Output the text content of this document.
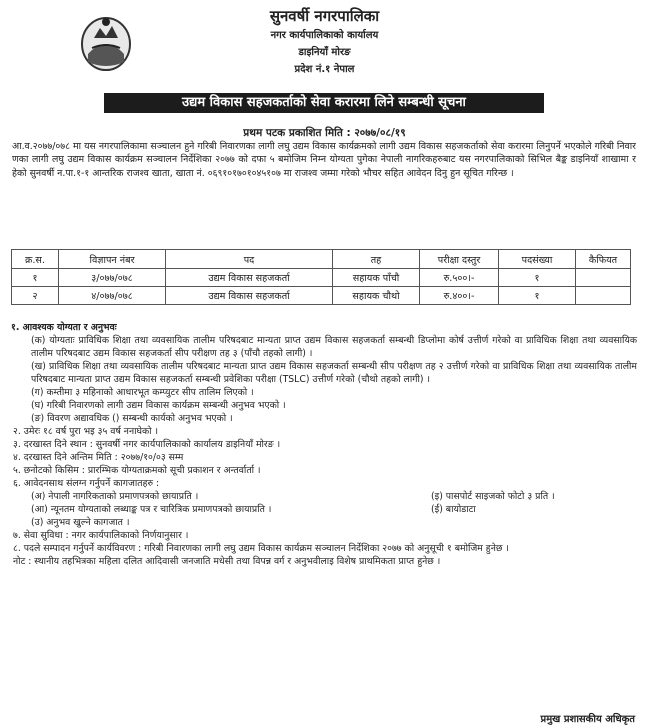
सुनवर्षी नगरपालिका
नगर कार्यपालिकाको कार्यालय
डाइनियाँ मोरङ
प्रदेश नं.१ नेपाल
उद्यम विकास सहजकर्ताको सेवा करारमा लिने सम्बन्धी सूचना
प्रथम पटक प्रकाशित मिति : २०७७/०८/१९
आ.व.२०७७/०७८ मा यस नगरपालिकामा सञ्चालन हुने गरिबी निवारणका लागी लघु उद्यम विकास कार्यक्रमको लागी उद्यम विकास सहजकर्ताको सेवा करारमा लिनुपर्ने भएकोले गरिबी निवारणका लागी लघु उद्यम विकास कार्यक्रम सञ्चालन निर्देशिका २०७७ को दफा ५ बमोजिम निम्न योग्यता पुगेका नेपाली नागरिकहरुबाट यस नगरपालिकाको सिभिल बैङ्क डाइनियाँ शाखामा रहेको सुनवर्षी न.पा.१-१ आन्तरिक राजश्व खाता, खाता नं. ०६९१०१७०१०४५१०७ मा राजश्व जम्मा गरेको भौचर सहित आवेदन दिनु हुन सूचित गरिन्छ ।
क्र.स.	विज्ञापन नंबर	पद	तह	परीक्षा दस्तुर	पदसंख्या	कैफियत
१	३/०७७/०७८	उद्यम विकास सहजकर्ता	सहायक पाँचौ	रु.५००।-	१	
२	४/०७७/०७८	उद्यम विकास सहजकर्ता	सहायक चौथो	रु.४००।-	१	
१. आवश्यक योग्यता र अनुभवः
(क) योग्यताः प्राविधिक शिक्षा तथा व्यवसायिक तालीम परिषदबाट मान्यता प्राप्त उद्यम विकास सहजकर्ता सम्बन्धी डिप्लोमा कोर्ष उत्तीर्ण गरेको वा प्राविधिक शिक्षा तथा व्यवसायिक तालीम परिषदबाट उद्यम विकास सहजकर्ता सीप परीक्षण तह ३ (पाँचौ तहको लागी) ।
(ख) प्राविधिक शिक्षा तथा व्यवसायिक तालीम परिषदबाट मान्यता प्राप्त उद्यम विकास सहजकर्ता सम्बन्धी सीप परीक्षण तह २ उत्तीर्ण गरेको वा प्राविधिक शिक्षा तथा व्यवसायिक तालीम परिषदबाट मान्यता प्राप्त उद्यम विकास सहजकर्ता सम्बन्धी प्रवेशिका परीक्षा (TSLC) उत्तीर्ण गरेको (चौथो तहको लागी) ।
(ग) कम्तीमा ३ महिनाको आधारभूत कम्प्युटर सीप तालिम लिएको ।
(घ) गरिबी निवारणको लागी उद्यम विकास कार्यक्रम सम्बन्धी अनुभव भएको ।
(ङ) विवरण अद्यावधिक () सम्बन्धी कार्यको अनुभव भएको ।
२. उमेरः १८ वर्ष पुरा भइ ३५ वर्ष ननाघेको ।
३. दरखास्त दिने स्थान : सुनवर्षी नगर कार्यपालिकाको कार्यालय डाइनियाँ मोरङ ।
४. दरखास्त दिने अन्तिम मिति : २०७७/१०/०३ सम्म
५. छनोटको किसिम : प्रारम्भिक योग्यताक्रमको सूची प्रकाशन र अन्तर्वार्ता ।
६. आवेदनसाथ संलग्न गर्नुपर्ने कागजातहरु :
(अ) नेपाली नागरिकताको प्रमाणपत्रको छायाप्रति ।	(इ) पासपोर्ट साइजको फोटो ३ प्रति ।
(आ) न्यूनतम योग्यताको लब्धाङ्क पत्र र चारित्रिक प्रमाणपत्रको छायाप्रति ।	(ई) बायोडाटा
(उ) अनुभव खुल्ने कागजात ।
७. सेवा सुविधा : नगर कार्यपालिकाको निर्णयानुसार ।
८. पदले सम्पादन गर्नुपर्ने कार्यविवरण : गरिबी निवारणका लागी लघु उद्यम विकास कार्यक्रम सञ्चालन निर्देशिका २०७७ को अनुसूची १ बमोजिम हुनेछ ।
नोट : स्थानीय तहभित्रका महिला दलित आदिवासी जनजाति मधेसी तथा विपन्न वर्ग र अनुभवीलाइ विशेष प्राथमिकता प्राप्त हुनेछ ।
प्रमुख प्रशासकीय अधिकृत
